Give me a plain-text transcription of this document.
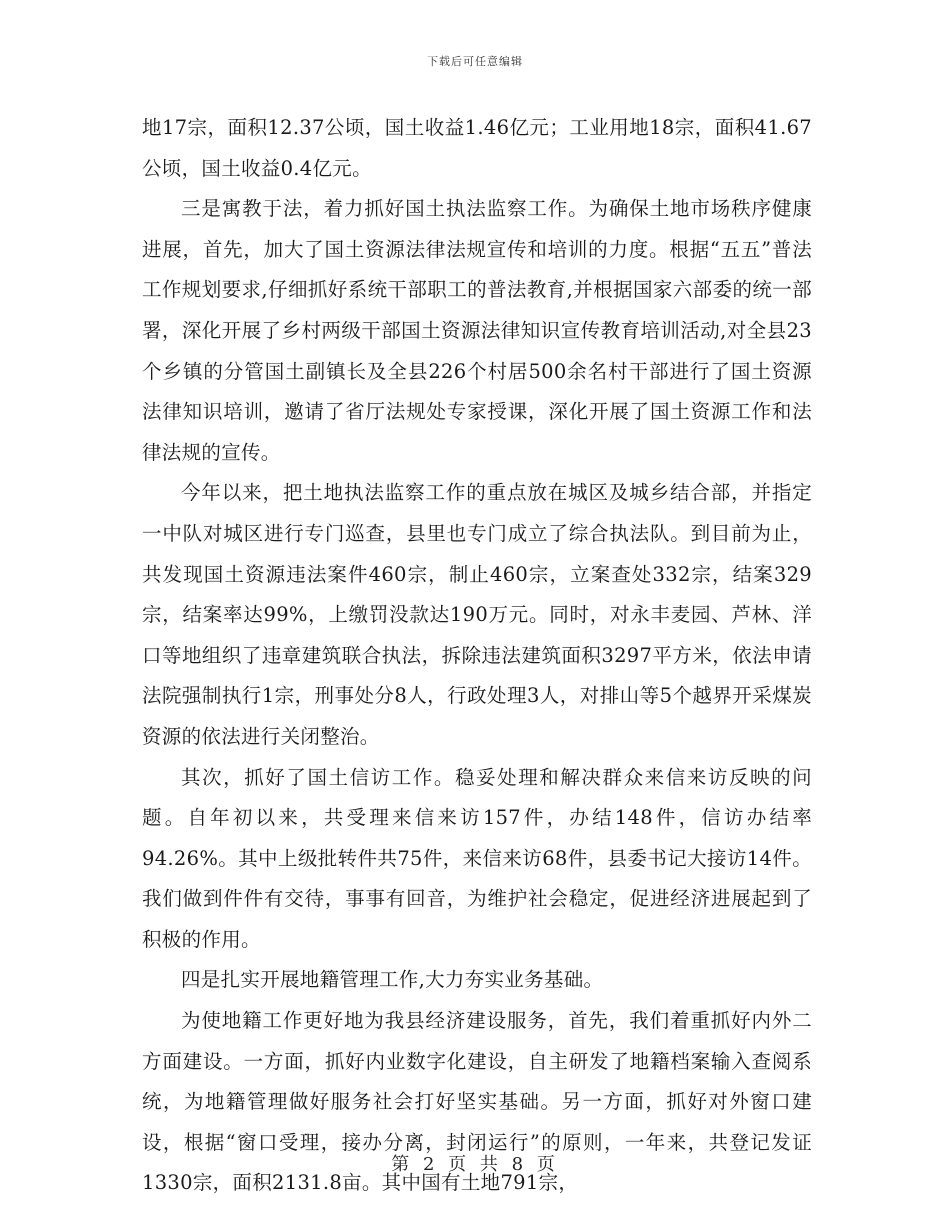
下载后可任意编辑

地17宗，面积12.37公顷，国土收益1.46亿元；工业用地18宗，面积41.67公顷，国土收益0.4亿元。

三是寓教于法，着力抓好国土执法监察工作。为确保土地市场秩序健康进展，首先，加大了国土资源法律法规宣传和培训的力度。根据“五五”普法工作规划要求,仔细抓好系统干部职工的普法教育,并根据国家六部委的统一部署，深化开展了乡村两级干部国土资源法律知识宣传教育培训活动,对全县23个乡镇的分管国土副镇长及全县226个村居500余名村干部进行了国土资源法律知识培训，邀请了省厅法规处专家授课，深化开展了国土资源工作和法律法规的宣传。

今年以来，把土地执法监察工作的重点放在城区及城乡结合部，并指定一中队对城区进行专门巡查，县里也专门成立了综合执法队。到目前为止，共发现国土资源违法案件460宗，制止460宗，立案查处332宗，结案329宗，结案率达99%，上缴罚没款达190万元。同时，对永丰麦园、芦林、洋口等地组织了违章建筑联合执法，拆除违法建筑面积3297平方米，依法申请法院强制执行1宗，刑事处分8人，行政处理3人，对排山等5个越界开采煤炭资源的依法进行关闭整治。

其次，抓好了国土信访工作。稳妥处理和解决群众来信来访反映的问题。自年初以来，共受理来信来访157件，办结148件，信访办结率94.26%。其中上级批转件共75件，来信来访68件，县委书记大接访14件。我们做到件件有交待，事事有回音，为维护社会稳定，促进经济进展起到了积极的作用。

四是扎实开展地籍管理工作,大力夯实业务基础。

为使地籍工作更好地为我县经济建设服务，首先，我们着重抓好内外二方面建设。一方面，抓好内业数字化建设，自主研发了地籍档案输入查阅系统，为地籍管理做好服务社会打好坚实基础。另一方面，抓好对外窗口建设，根据“窗口受理，接办分离，封闭运行”的原则，一年来，共登记发证1330宗，面积2131.8亩。其中国有土地791宗，

第 2 页 共 8 页
